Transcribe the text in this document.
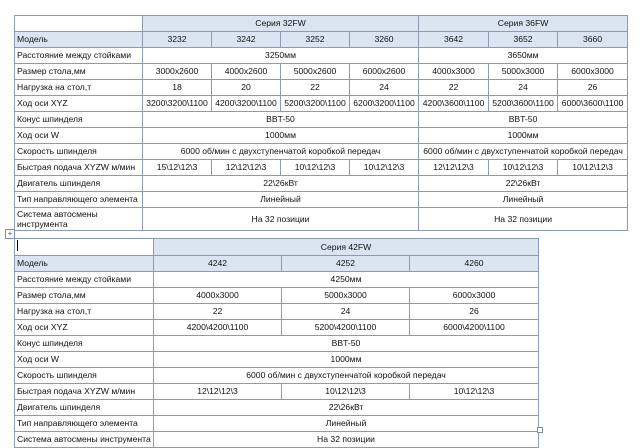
	Серия 32FW				Серия 36FW		
Модель	3232	3242	3252	3260	3642	3652	3660
Расстояние между стойками	3250мм				3650мм		
Размер стола,мм	3000x2600	4000x2600	5000x2600	6000x2600	4000x3000	5000x3000	6000x3000
Нагрузка на стол,т	18	20	22	24	22	24	26
Ход оси XYZ	3200\3200\1100	4200\3200\1100	5200\3200\1100	6200\3200\1100	4200\3600\1100	5200\3600\1100	6000\3600\1100
Конус шпинделя	BBT-50				BBT-50		
Ход оси W	1000мм				1000мм		
Скорость шпинделя	6000 об/мин с двухступенчатой коробкой передач				6000 об/мин с двухступенчатой коробкой передач		
Быстрая подача XYZW м/мин	15\12\12\3	12\12\12\3	10\12\12\3	10\12\12\3	12\12\12\3	10\12\12\3	10\12\12\3
Двигатель шпинделя	22\26кВт				22\26кВт		
Тип направляющего элемента	Линейный				Линейный		
Система автосмены инструмента	На 32 позиции				На 32 позиции		
+
	Серия 42FW		
Модель	4242	4252	4260
Расстояние между стойками	4250мм		
Размер стола,мм	4000x3000	5000x3000	6000x3000
Нагрузка на стол,т	22	24	26
Ход оси XYZ	4200\4200\1100	5200\4200\1100	6000\4200\1100
Конус шпинделя	BBT-50		
Ход оси W	1000мм		
Скорость шпинделя	6000 об/мин с двухступенчатой коробкой передач		
Быстрая подача XYZW м/мин	12\12\12\3	10\12\12\3	10\12\12\3
Двигатель шпинделя	22\26кВт		
Тип направляющего элемента	Линейный		
Система автосмены инструмента	На 32 позиции		
